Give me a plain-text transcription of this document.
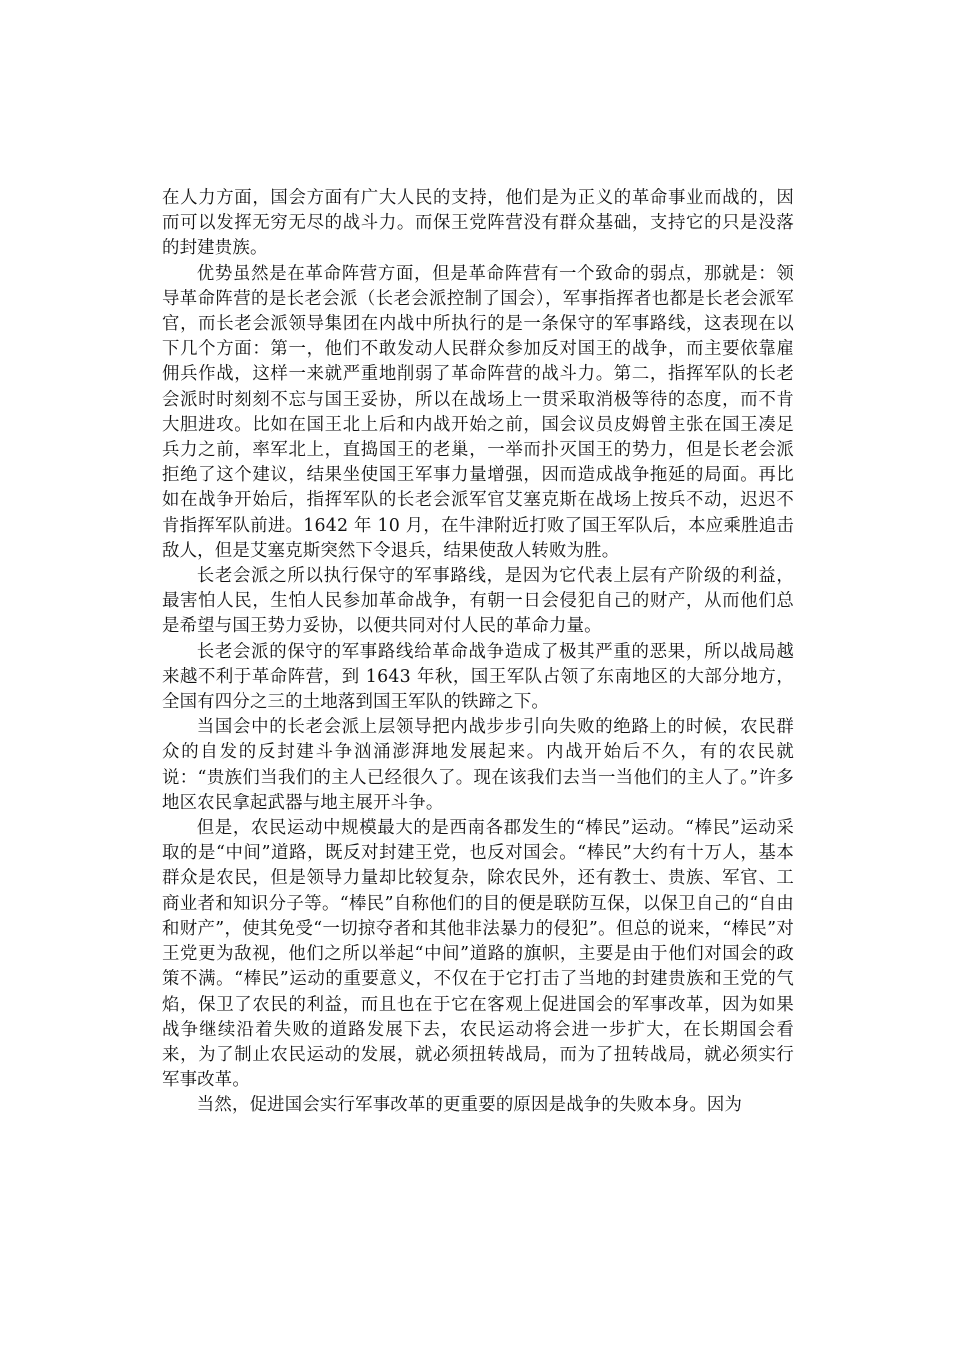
在人力方面，国会方面有广大人民的支持，他们是为正义的革命事业而战的，因而可以发挥无穷无尽的战斗力。而保王党阵营没有群众基础，支持它的只是没落的封建贵族。

优势虽然是在革命阵营方面，但是革命阵营有一个致命的弱点，那就是：领导革命阵营的是长老会派（长老会派控制了国会），军事指挥者也都是长老会派军官，而长老会派领导集团在内战中所执行的是一条保守的军事路线，这表现在以下几个方面：第一，他们不敢发动人民群众参加反对国王的战争，而主要依靠雇佣兵作战，这样一来就严重地削弱了革命阵营的战斗力。第二，指挥军队的长老会派时时刻刻不忘与国王妥协，所以在战场上一贯采取消极等待的态度，而不肯大胆进攻。比如在国王北上后和内战开始之前，国会议员皮姆曾主张在国王凑足兵力之前，率军北上，直捣国王的老巢，一举而扑灭国王的势力，但是长老会派拒绝了这个建议，结果坐使国王军事力量增强，因而造成战争拖延的局面。再比如在战争开始后，指挥军队的长老会派军官艾塞克斯在战场上按兵不动，迟迟不肯指挥军队前进。1642 年 10 月，在牛津附近打败了国王军队后，本应乘胜追击敌人，但是艾塞克斯突然下令退兵，结果使敌人转败为胜。

长老会派之所以执行保守的军事路线，是因为它代表上层有产阶级的利益，最害怕人民，生怕人民参加革命战争，有朝一日会侵犯自己的财产，从而他们总是希望与国王势力妥协，以便共同对付人民的革命力量。

长老会派的保守的军事路线给革命战争造成了极其严重的恶果，所以战局越来越不利于革命阵营，到 1643 年秋，国王军队占领了东南地区的大部分地方，全国有四分之三的土地落到国王军队的铁蹄之下。

当国会中的长老会派上层领导把内战步步引向失败的绝路上的时候，农民群众的自发的反封建斗争汹涌澎湃地发展起来。内战开始后不久，有的农民就说：“贵族们当我们的主人已经很久了。现在该我们去当一当他们的主人了。”许多地区农民拿起武器与地主展开斗争。

但是，农民运动中规模最大的是西南各郡发生的“棒民”运动。“棒民”运动采取的是“中间”道路，既反对封建王党，也反对国会。“棒民”大约有十万人，基本群众是农民，但是领导力量却比较复杂，除农民外，还有教士、贵族、军官、工商业者和知识分子等。“棒民”自称他们的目的便是联防互保，以保卫自己的“自由和财产”，使其免受“一切掠夺者和其他非法暴力的侵犯”。但总的说来，“棒民”对王党更为敌视，他们之所以举起“中间”道路的旗帜，主要是由于他们对国会的政策不满。“棒民”运动的重要意义，不仅在于它打击了当地的封建贵族和王党的气焰，保卫了农民的利益，而且也在于它在客观上促进国会的军事改革，因为如果战争继续沿着失败的道路发展下去，农民运动将会进一步扩大，在长期国会看来，为了制止农民运动的发展，就必须扭转战局，而为了扭转战局，就必须实行军事改革。

当然，促进国会实行军事改革的更重要的原因是战争的失败本身。因为
